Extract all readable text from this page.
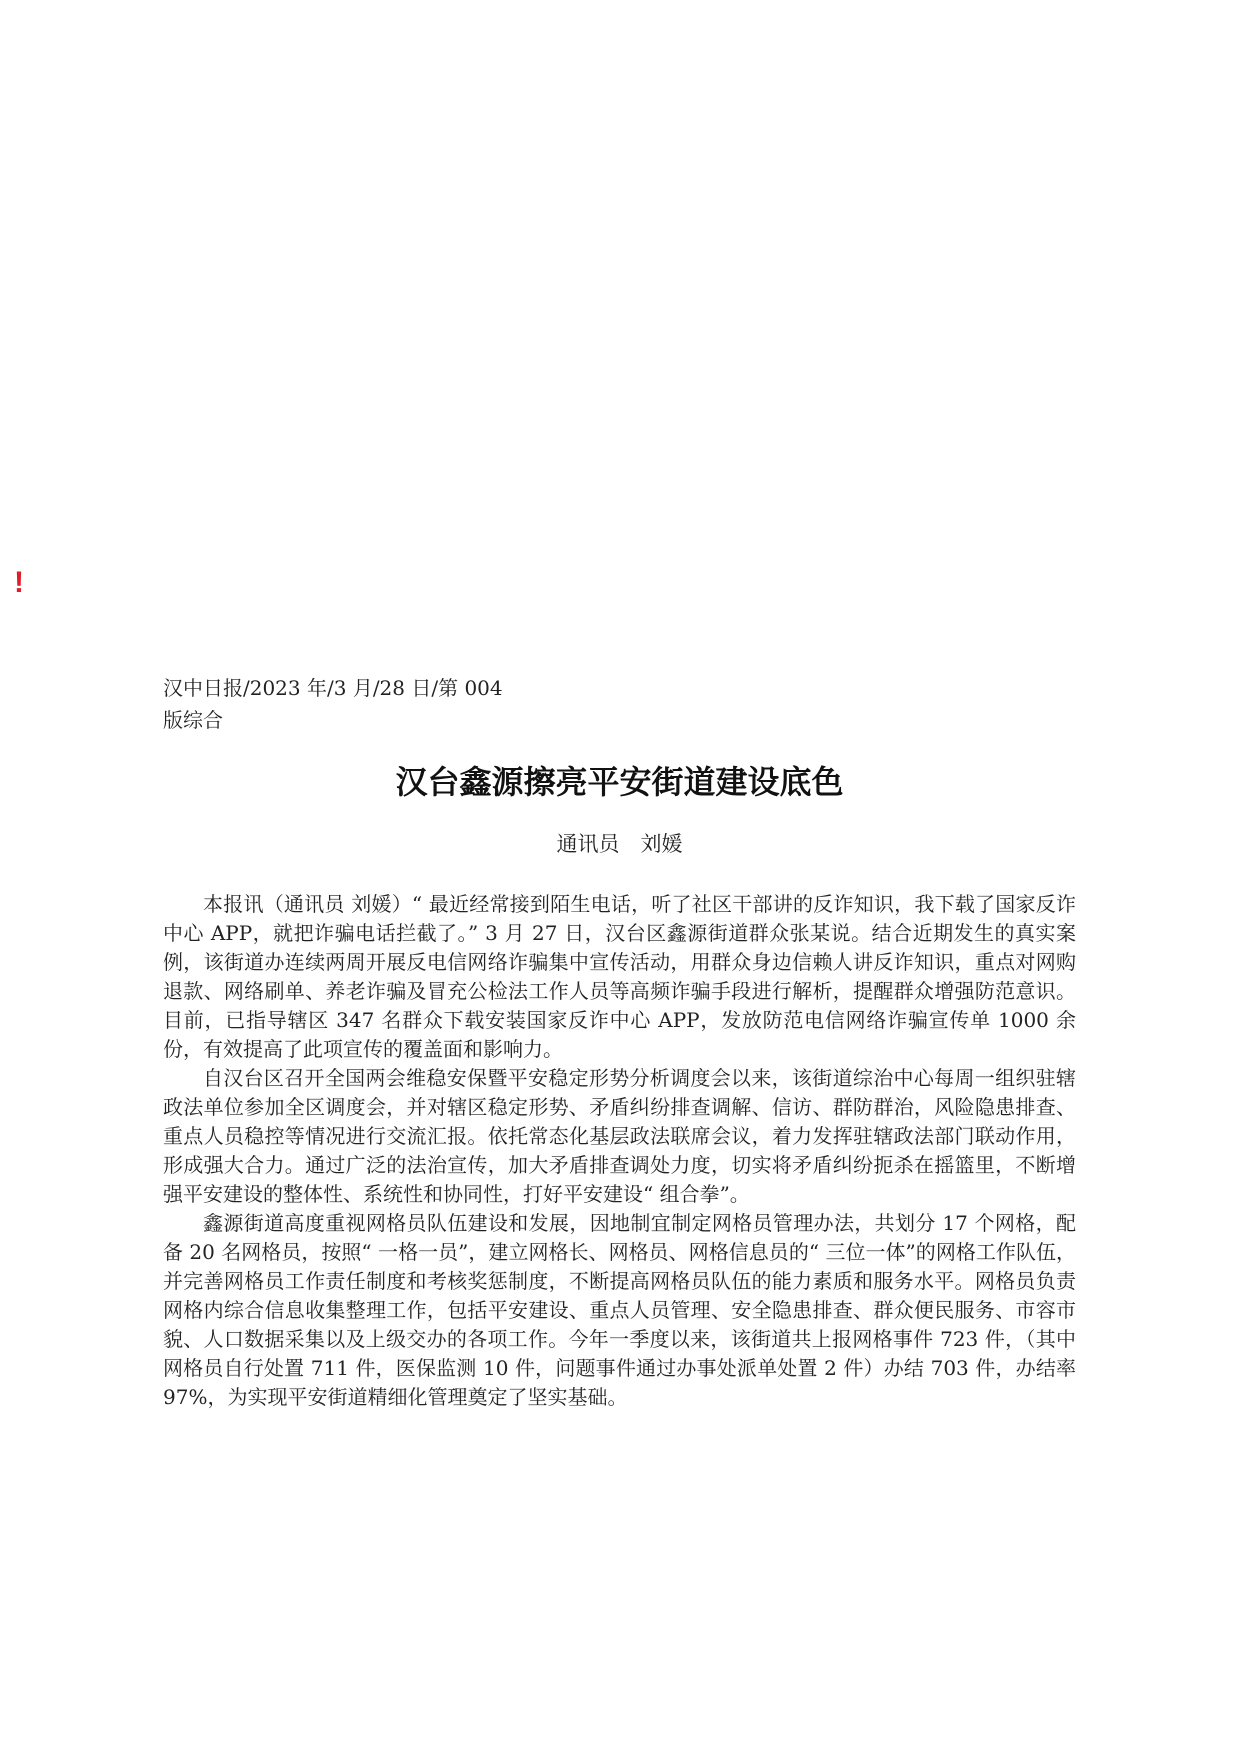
!
汉中日报/2023 年/3 月/28 日/第 004 版综合
汉台鑫源擦亮平安街道建设底色
通讯员　刘媛

本报讯（通讯员 刘媛）“ 最近经常接到陌生电话，听了社区干部讲的反诈知识，我下载了国家反诈中心 APP，就把诈骗电话拦截了。” 3 月 27 日，汉台区鑫源街道群众张某说。结合近期发生的真实案例，该街道办连续两周开展反电信网络诈骗集中宣传活动，用群众身边信赖人讲反诈知识，重点对网购退款、网络刷单、养老诈骗及冒充公检法工作人员等高频诈骗手段进行解析，提醒群众增强防范意识。目前，已指导辖区 347 名群众下载安装国家反诈中心 APP，发放防范电信网络诈骗宣传单 1000 余份，有效提高了此项宣传的覆盖面和影响力。

自汉台区召开全国两会维稳安保暨平安稳定形势分析调度会以来，该街道综治中心每周一组织驻辖政法单位参加全区调度会，并对辖区稳定形势、矛盾纠纷排查调解、信访、群防群治，风险隐患排查、重点人员稳控等情况进行交流汇报。依托常态化基层政法联席会议，着力发挥驻辖政法部门联动作用，形成强大合力。通过广泛的法治宣传，加大矛盾排查调处力度，切实将矛盾纠纷扼杀在摇篮里，不断增强平安建设的整体性、系统性和协同性，打好平安建设“ 组合拳”。

鑫源街道高度重视网格员队伍建设和发展，因地制宜制定网格员管理办法，共划分 17 个网格，配备 20 名网格员，按照“ 一格一员”，建立网格长、网格员、网格信息员的“ 三位一体”的网格工作队伍，并完善网格员工作责任制度和考核奖惩制度，不断提高网格员队伍的能力素质和服务水平。网格员负责网格内综合信息收集整理工作，包括平安建设、重点人员管理、安全隐患排查、群众便民服务、市容市貌、人口数据采集以及上级交办的各项工作。今年一季度以来，该街道共上报网格事件 723 件，（其中网格员自行处置 711 件，医保监测 10 件，问题事件通过办事处派单处置 2 件）办结 703 件，办结率 97%，为实现平安街道精细化管理奠定了坚实基础。
